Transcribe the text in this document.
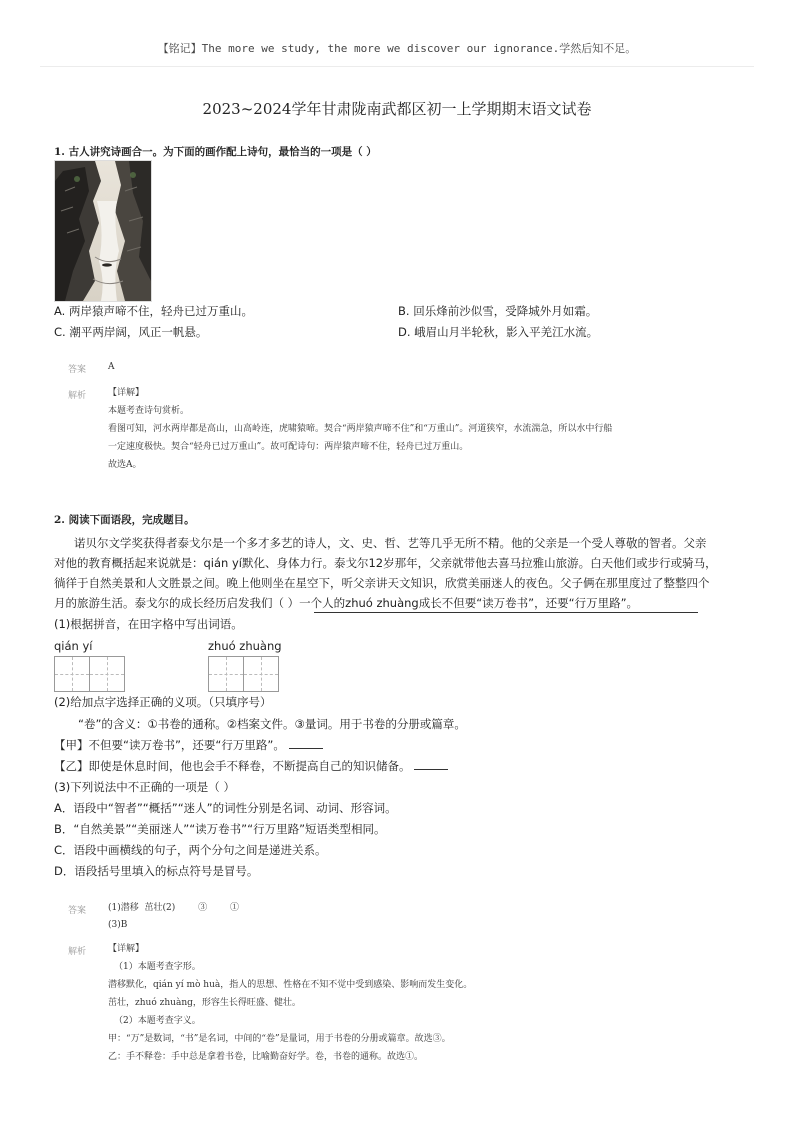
【铭记】The more we study, the more we discover our ignorance.学然后知不足。
2023~2024学年甘肃陇南武都区初一上学期期末语文试卷
1. 古人讲究诗画合一。为下面的画作配上诗句，最恰当的一项是（ ）
A. 两岸猿声啼不住，轻舟已过万重山。	B. 回乐烽前沙似雪，受降城外月如霜。
C. 潮平两岸阔，风正一帆悬。	D. 峨眉山月半轮秋，影入平羌江水流。
答案 A
解析 【详解】
本题考查诗句赏析。
看图可知，河水两岸都是高山，山高岭连，虎啸猿啼。契合“两岸猿声啼不住”和“万重山”。河道狭窄，水流湍急，所以水中行船
一定速度极快。契合“轻舟已过万重山”。故可配诗句：两岸猿声啼不住，轻舟已过万重山。
故选A。
2. 阅读下面语段，完成题目。
诺贝尔文学奖获得者泰戈尔是一个多才多艺的诗人，文、史、哲、艺等几乎无所不精。他的父亲是一个受人尊敬的智者。父亲
对他的教育概括起来说就是：qián yí默化、身体力行。泰戈尔12岁那年，父亲就带他去喜马拉雅山旅游。白天他们或步行或骑马，
徜徉于自然美景和人文胜景之间。晚上他则坐在星空下，听父亲讲天文知识，欣赏美丽迷人的夜色。父子俩在那里度过了整整四个
月的旅游生活。泰戈尔的成长经历启发我们（ ）一个人的zhuó zhuàng成长不但要“读万卷书”，还要“行万里路”。
(1)根据拼音，在田字格中写出词语。
qián yí	zhuó zhuàng
(2)给加点字选择正确的义项。（只填序号）
“卷”的含义：①书卷的通称。②档案文件。③量词。用于书卷的分册或篇章。
【甲】不但要“读万卷书”，还要“行万里路”。
【乙】即使是休息时间，他也会手不释卷，不断提高自己的知识储备。
(3)下列说法中不正确的一项是（ ）
A．语段中“智者”“概括”“迷人”的词性分别是名词、动词、形容词。
B．“自然美景”“美丽迷人”“读万卷书”“行万里路”短语类型相同。
C．语段中画横线的句子，两个分句之间是递进关系。
D．语段括号里填入的标点符号是冒号。
答案 (1)潜移  茁壮(2)        ③        ①
(3)B
解析 【详解】
（1）本题考查字形。
潜移默化，qián yí mò huà，指人的思想、性格在不知不觉中受到感染、影响而发生变化。
茁壮，zhuó zhuàng，形容生长得旺盛、健壮。
（2）本题考查字义。
甲：“万”是数词，“书”是名词，中间的“卷”是量词，用于书卷的分册或篇章。故选③。
乙：手不释卷：手中总是拿着书卷，比喻勤奋好学。卷，书卷的通称。故选①。
